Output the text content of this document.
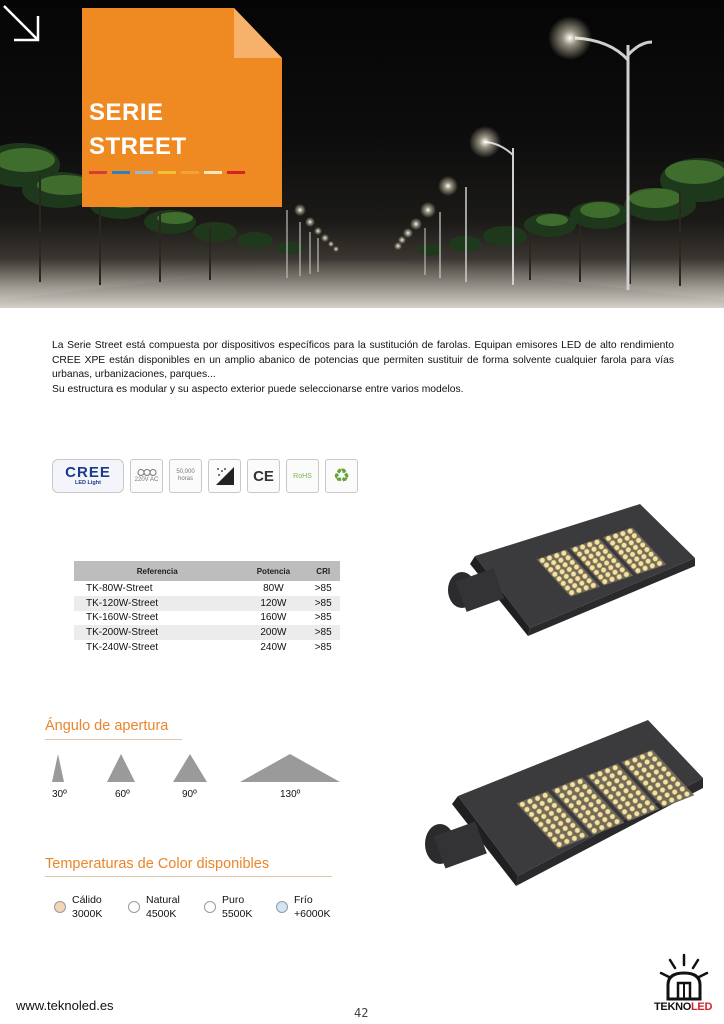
SERIE
STREET

La Serie Street está compuesta por dispositivos específicos para la sustitución de farolas. Equipan emisores LED de alto rendimiento CREE XPE están disponibles en un amplio abanico de potencias que permiten sustituir de forma solvente cualquier farola para vías urbanas, urbanizaciones, parques...

Su estructura es modular y su aspecto exterior puede seleccionarse entre varios modelos.

CREE
LED Light	220V AC
50,000
horas	CE	RoHS ♻
Referencia	Potencia	CRI
TK-80W-Street	80W	>85
TK-120W-Street	120W	>85
TK-160W-Street	160W	>85
TK-200W-Street	200W	>85
TK-240W-Street	240W	>85
Ángulo de apertura
30º	60º	90º	130º
Temperaturas de Color disponibles
Cálido
3000K
Natural
4500K
Puro
5500K
Frío
+6000K
www.teknoled.es	42	TEKNOLED
